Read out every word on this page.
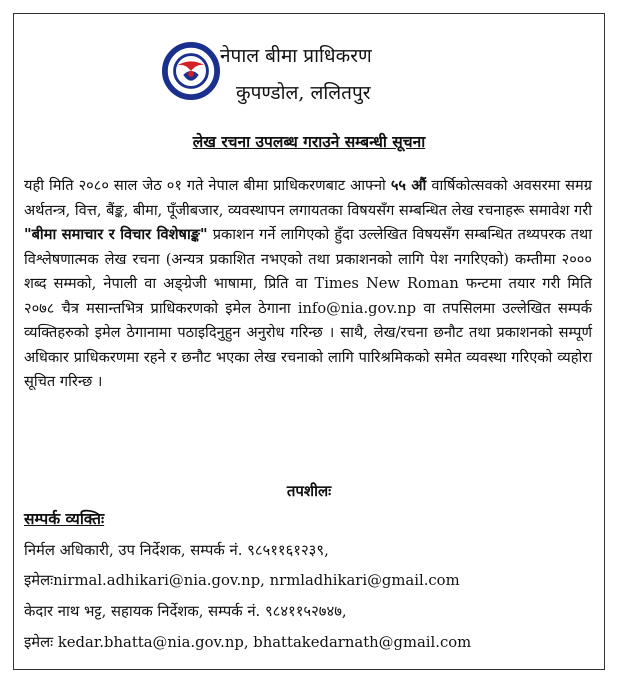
नेपाल बीमा प्राधिकरण
कुपण्डोल, ललितपुर
लेख रचना उपलब्ध गराउने सम्बन्धी सूचना
यही मिति २०८० साल जेठ ०१ गते नेपाल बीमा प्राधिकरणबाट आफ्नो ५५ औं वार्षिकोत्सवको अवसरमा समग्र अर्थतन्त्र, वित्त, बैंङ्क, बीमा, पूँजीबजार, व्यवस्थापन लगायतका विषयसँग सम्बन्धित लेख रचनाहरू समावेश गरी "बीमा समाचार र विचार विशेषाङ्क" प्रकाशन गर्ने लागिएको हुँदा उल्लेखित विषयसँग सम्बन्धित तथ्यपरक तथा विश्लेषणात्मक लेख रचना (अन्यत्र प्रकाशित नभएको तथा प्रकाशनको लागि पेश नगरिएको) कम्तीमा २००० शब्द सम्मको, नेपाली वा अङ्ग्रेजी भाषामा, प्रिति वा Times New Roman फन्टमा तयार गरी मिति २०७८ चैत्र मसान्तभित्र प्राधिकरणको इमेल ठेगाना info@nia.gov.np वा तपसिलमा उल्लेखित सम्पर्क व्यक्तिहरुको इमेल ठेगानामा पठाइदिनुहुन अनुरोध गरिन्छ । साथै, लेख/रचना छनौट तथा प्रकाशनको सम्पूर्ण अधिकार प्राधिकरणमा रहने र छनौट भएका लेख रचनाको लागि पारिश्रमिकको समेत व्यवस्था गरिएको व्यहोरा सूचित गरिन्छ ।
तपशीलः
सम्पर्क व्यक्तिः
निर्मल अधिकारी, उप निर्देशक, सम्पर्क नं. ९८५११६१२३९,
इमेलःnirmal.adhikari@nia.gov.np, nrmladhikari@gmail.com
केदार नाथ भट्ट, सहायक निर्देशक, सम्पर्क नं. ९८४११५२७४७,
इमेलः kedar.bhatta@nia.gov.np, bhattakedarnath@gmail.com
